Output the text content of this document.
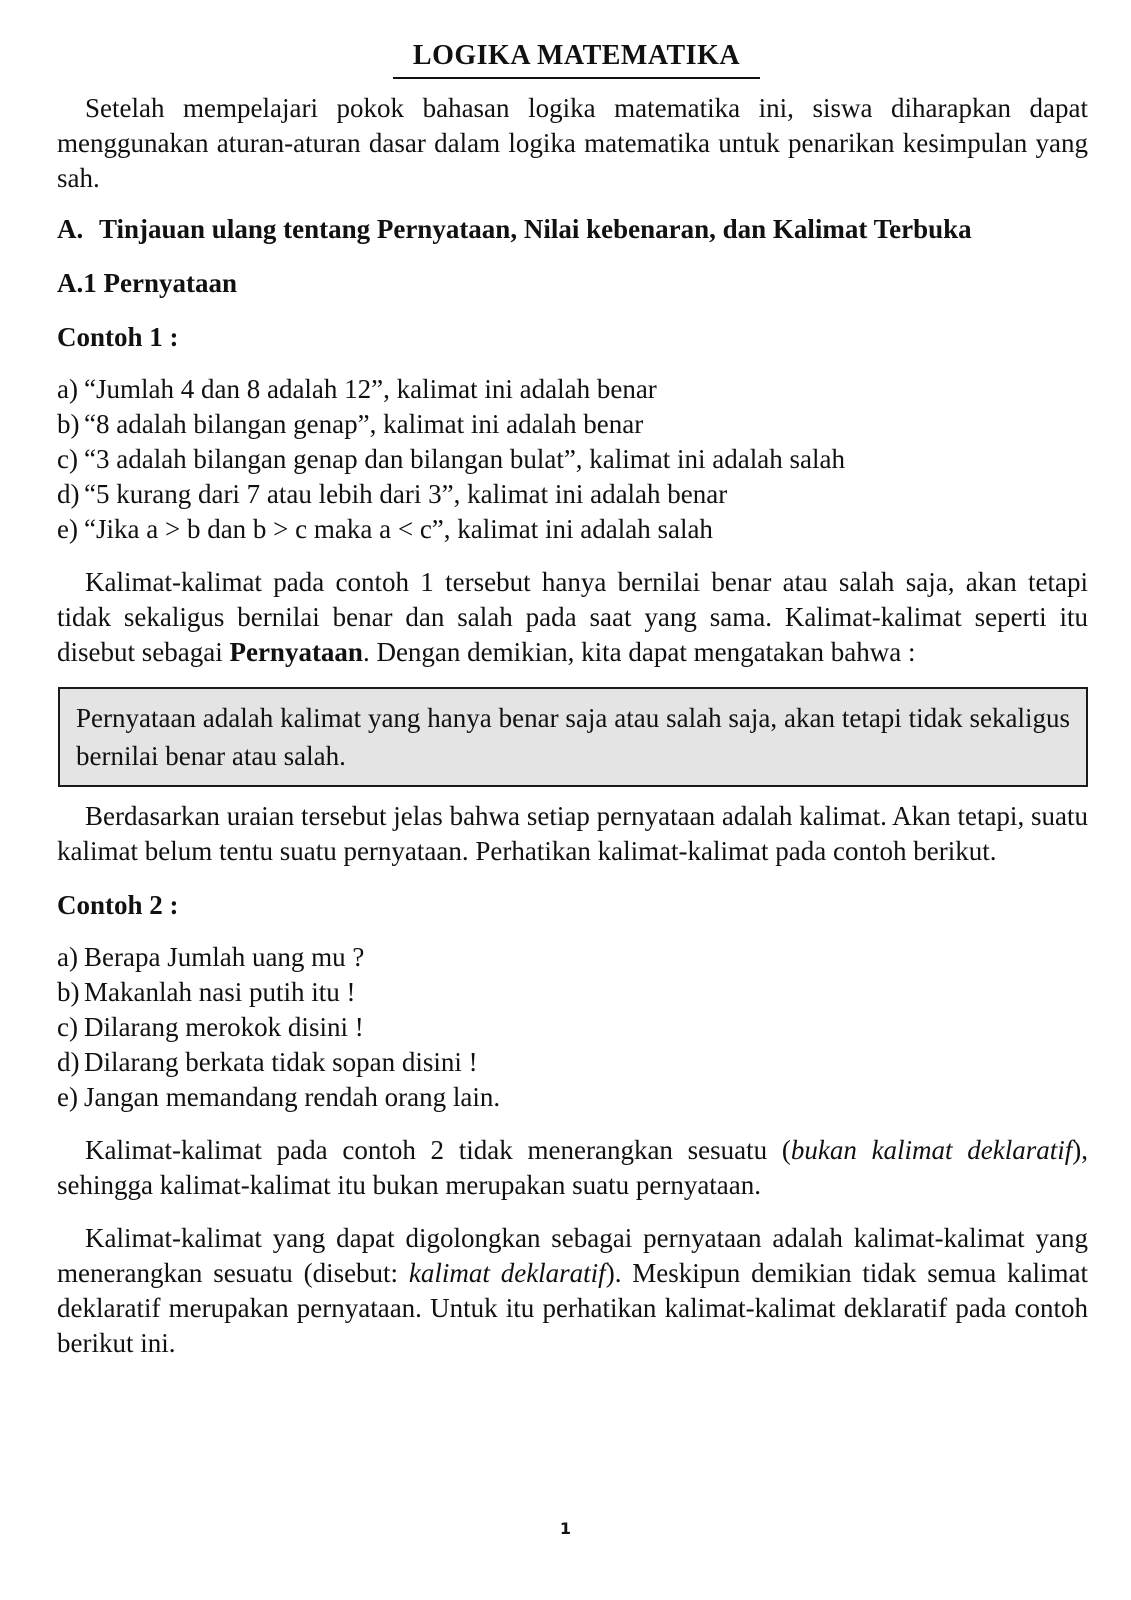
LOGIKA MATEMATIKA

Setelah mempelajari pokok bahasan logika matematika ini, siswa diharapkan dapat menggunakan aturan-aturan dasar dalam logika matematika untuk penarikan kesimpulan yang sah.

A. Tinjauan ulang tentang Pernyataan, Nilai kebenaran, dan Kalimat Terbuka
A.1 Pernyataan
Contoh 1 :
a) “Jumlah 4 dan 8 adalah 12”, kalimat ini adalah benar
b) “8 adalah bilangan genap”, kalimat ini adalah benar
c) “3 adalah bilangan genap dan bilangan bulat”, kalimat ini adalah salah
d) “5 kurang dari 7 atau lebih dari 3”, kalimat ini adalah benar
e) “Jika a > b dan b > c maka a < c”, kalimat ini adalah salah

Kalimat-kalimat pada contoh 1 tersebut hanya bernilai benar atau salah saja, akan tetapi tidak sekaligus bernilai benar dan salah pada saat yang sama. Kalimat-kalimat seperti itu disebut sebagai Pernyataan. Dengan demikian, kita dapat mengatakan bahwa :

Pernyataan adalah kalimat yang hanya benar saja atau salah saja, akan tetapi tidak sekaligus bernilai benar atau salah.

Berdasarkan uraian tersebut jelas bahwa setiap pernyataan adalah kalimat. Akan tetapi, suatu kalimat belum tentu suatu pernyataan. Perhatikan kalimat-kalimat pada contoh berikut.

Contoh 2 :
a) Berapa Jumlah uang mu ?
b) Makanlah nasi putih itu !
c) Dilarang merokok disini !
d) Dilarang berkata tidak sopan disini !
e) Jangan memandang rendah orang lain.

Kalimat-kalimat pada contoh 2 tidak menerangkan sesuatu (bukan kalimat deklaratif), sehingga kalimat-kalimat itu bukan merupakan suatu pernyataan.

Kalimat-kalimat yang dapat digolongkan sebagai pernyataan adalah kalimat-kalimat yang menerangkan sesuatu (disebut: kalimat deklaratif). Meskipun demikian tidak semua kalimat deklaratif merupakan pernyataan. Untuk itu perhatikan kalimat-kalimat deklaratif pada contoh berikut ini.

1
